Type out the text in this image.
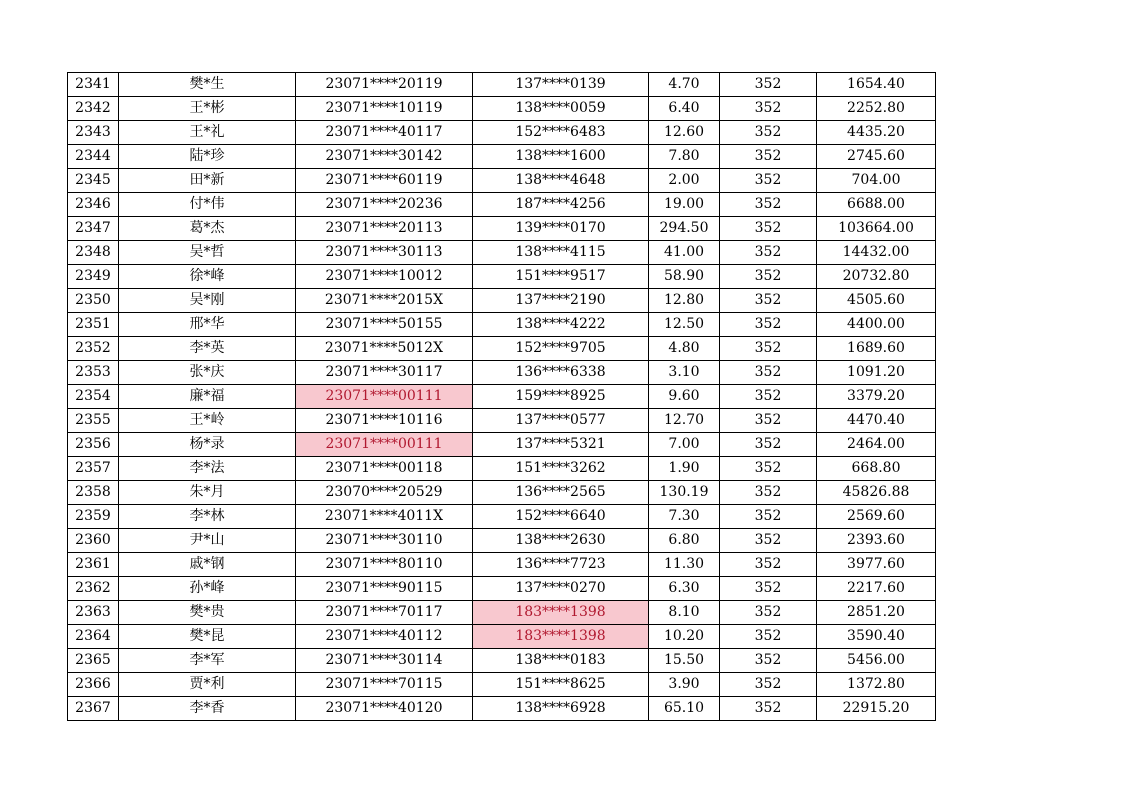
2341	樊*生	23071****20119	137****0139	4.70	352	1654.40
2342	王*彬	23071****10119	138****0059	6.40	352	2252.80
2343	王*礼	23071****40117	152****6483	12.60	352	4435.20
2344	陆*珍	23071****30142	138****1600	7.80	352	2745.60
2345	田*新	23071****60119	138****4648	2.00	352	704.00
2346	付*伟	23071****20236	187****4256	19.00	352	6688.00
2347	葛*杰	23071****20113	139****0170	294.50	352	103664.00
2348	吴*哲	23071****30113	138****4115	41.00	352	14432.00
2349	徐*峰	23071****10012	151****9517	58.90	352	20732.80
2350	吴*刚	23071****2015X	137****2190	12.80	352	4505.60
2351	邢*华	23071****50155	138****4222	12.50	352	4400.00
2352	李*英	23071****5012X	152****9705	4.80	352	1689.60
2353	张*庆	23071****30117	136****6338	3.10	352	1091.20
2354	廉*福	23071****00111	159****8925	9.60	352	3379.20
2355	王*岭	23071****10116	137****0577	12.70	352	4470.40
2356	杨*录	23071****00111	137****5321	7.00	352	2464.00
2357	李*法	23071****00118	151****3262	1.90	352	668.80
2358	朱*月	23070****20529	136****2565	130.19	352	45826.88
2359	李*林	23071****4011X	152****6640	7.30	352	2569.60
2360	尹*山	23071****30110	138****2630	6.80	352	2393.60
2361	戚*钢	23071****80110	136****7723	11.30	352	3977.60
2362	孙*峰	23071****90115	137****0270	6.30	352	2217.60
2363	樊*贵	23071****70117	183****1398	8.10	352	2851.20
2364	樊*昆	23071****40112	183****1398	10.20	352	3590.40
2365	李*军	23071****30114	138****0183	15.50	352	5456.00
2366	贾*利	23071****70115	151****8625	3.90	352	1372.80
2367	李*香	23071****40120	138****6928	65.10	352	22915.20
